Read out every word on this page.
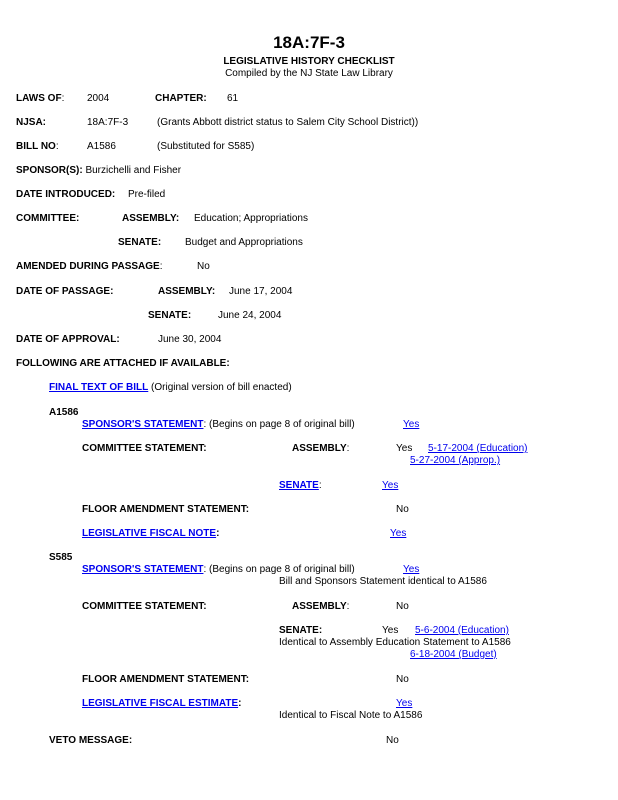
18A:7F-3
LEGISLATIVE HISTORY CHECKLIST
Compiled by the NJ State Law Library
LAWS OF: 2004	CHAPTER: 61
NJSA:	18A:7F-3	(Grants Abbott district status to Salem City School District))
BILL NO:	A1586	(Substituted for S585)
SPONSOR(S): Burzichelli and Fisher
DATE INTRODUCED: Pre-filed
COMMITTEE:	ASSEMBLY: Education; Appropriations
SENATE: Budget and Appropriations
AMENDED DURING PASSAGE:	No
DATE OF PASSAGE:	ASSEMBLY: June 17, 2004
SENATE:	June 24, 2004
DATE OF APPROVAL:	June 30, 2004
FOLLOWING ARE ATTACHED IF AVAILABLE:
FINAL TEXT OF BILL (Original version of bill enacted)
A1586
SPONSOR'S STATEMENT: (Begins on page 8 of original bill)	Yes
COMMITTEE STATEMENT:	ASSEMBLY:	Yes 5-17-2004 (Education)
5-27-2004 (Approp.)
SENATE:	Yes
FLOOR AMENDMENT STATEMENT:	No
LEGISLATIVE FISCAL NOTE:	Yes
S585
SPONSOR'S STATEMENT: (Begins on page 8 of original bill)	Yes
Bill and Sponsors Statement identical to A1586
COMMITTEE STATEMENT:	ASSEMBLY:	No
SENATE:	Yes 5-6-2004 (Education)
Identical to Assembly Education Statement to A1586
6-18-2004 (Budget)
FLOOR AMENDMENT STATEMENT:	No
LEGISLATIVE FISCAL ESTIMATE:	Yes
Identical to Fiscal Note to A1586
VETO MESSAGE:	No
